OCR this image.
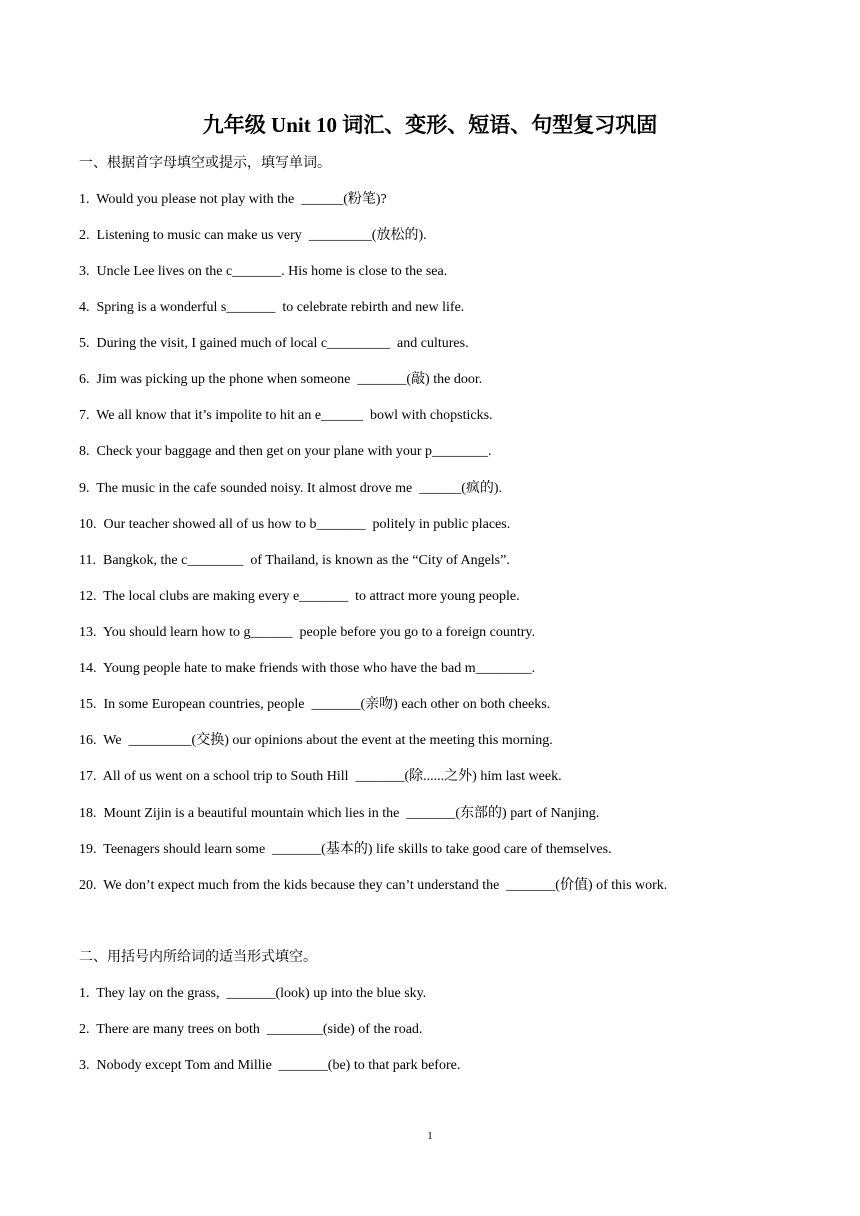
九年级 Unit 10 词汇、变形、短语、句型复习巩固
一、根据首字母填空或提示，填写单词。
1.  Would you please not play with the  ______(粉笔)?
2.  Listening to music can make us very  _________(放松的).
3.  Uncle Lee lives on the c_______. His home is close to the sea.
4.  Spring is a wonderful s_______  to celebrate rebirth and new life.
5.  During the visit, I gained much of local c_________  and cultures.
6.  Jim was picking up the phone when someone  _______(敲) the door.
7.  We all know that it’s impolite to hit an e______  bowl with chopsticks.
8.  Check your baggage and then get on your plane with your p________.
9.  The music in the cafe sounded noisy. It almost drove me  ______(疯的).
10.  Our teacher showed all of us how to b_______  politely in public places.
11.  Bangkok, the c________  of Thailand, is known as the “City of Angels”.
12.  The local clubs are making every e_______  to attract more young people.
13.  You should learn how to g______  people before you go to a foreign country.
14.  Young people hate to make friends with those who have the bad m________.
15.  In some European countries, people  _______(亲吻) each other on both cheeks.
16.  We  _________(交换) our opinions about the event at the meeting this morning.
17.  All of us went on a school trip to South Hill  _______(除......之外) him last week.
18.  Mount Zijin is a beautiful mountain which lies in the  _______(东部的) part of Nanjing.
19.  Teenagers should learn some  _______(基本的) life skills to take good care of themselves.
20.  We don’t expect much from the kids because they can’t understand the  _______(价值) of this work.
二、用括号内所给词的适当形式填空。
1.  They lay on the grass,  _______(look) up into the blue sky.
2.  There are many trees on both  ________(side) of the road.
3.  Nobody except Tom and Millie  _______(be) to that park before.
1
